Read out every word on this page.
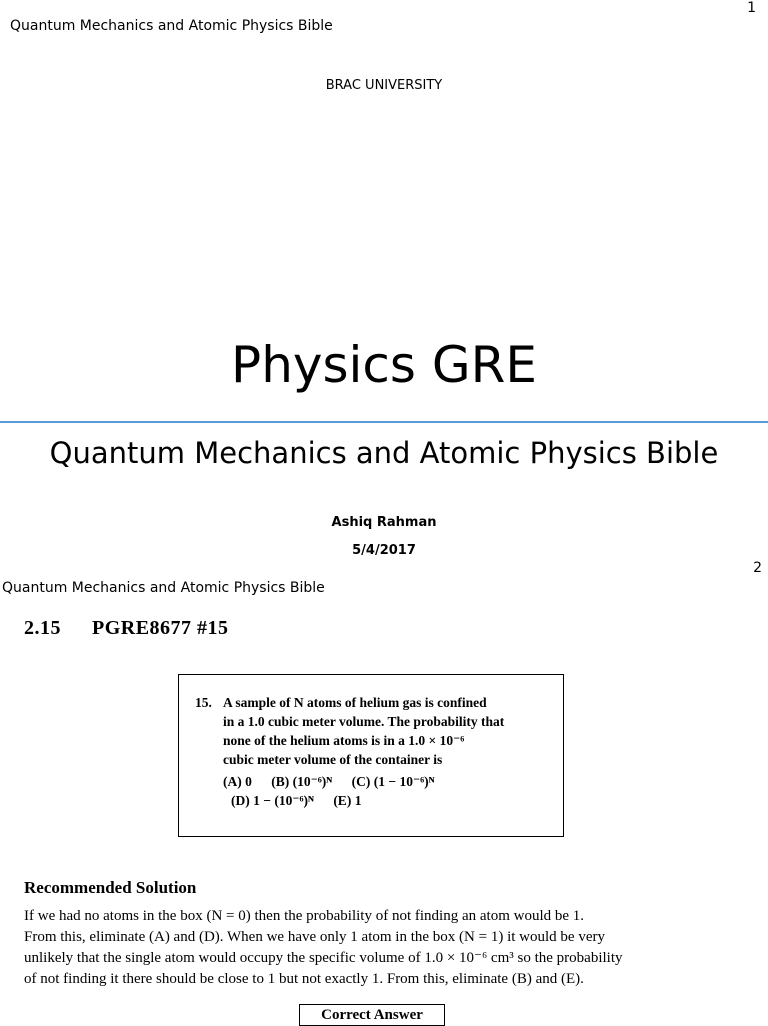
1
Quantum Mechanics and Atomic Physics Bible
BRAC UNIVERSITY
Physics GRE
Quantum Mechanics and Atomic Physics Bible
Ashiq Rahman
5/4/2017
2
Quantum Mechanics and Atomic Physics Bible
2.15 PGRE8677 #15
15. A sample of N atoms of helium gas is confined
in a 1.0 cubic meter volume. The probability that
none of the helium atoms is in a 1.0 × 10⁻⁶
cubic meter volume of the container is
(A) 0 (B) (10⁻⁶)ᴺ (C) (1 − 10⁻⁶)ᴺ
(D) 1 − (10⁻⁶)ᴺ (E) 1
Recommended Solution
If we had no atoms in the box (N = 0) then the probability of not finding an atom would be 1.
From this, eliminate (A) and (D). When we have only 1 atom in the box (N = 1) it would be very
unlikely that the single atom would occupy the specific volume of 1.0 × 10⁻⁶ cm³ so the probability
of not finding it there should be close to 1 but not exactly 1. From this, eliminate (B) and (E).
Correct Answer
